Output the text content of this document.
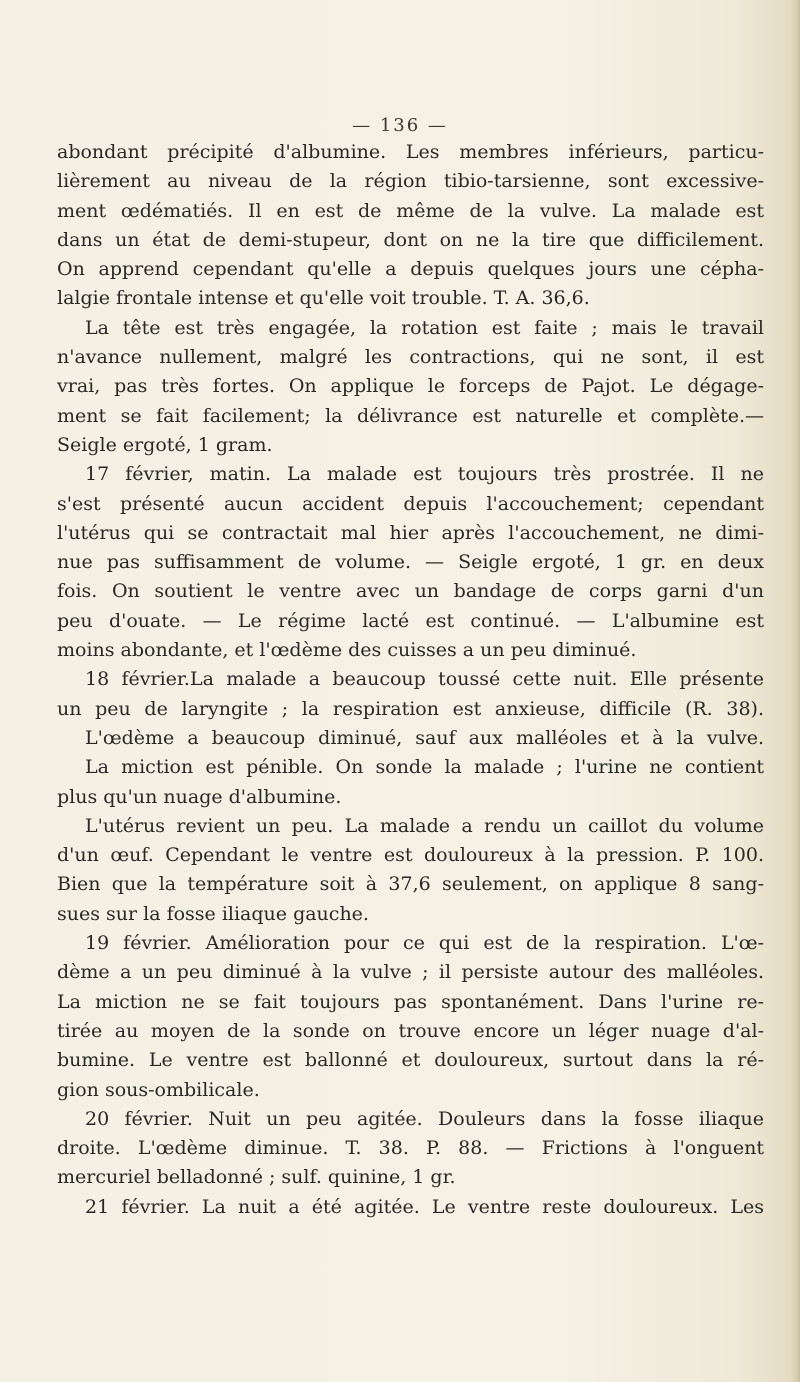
— 136 —
abondant précipité d'albumine. Les membres inférieurs, particu-
lièrement au niveau de la région tibio-tarsienne, sont excessive-
ment œdématiés. Il en est de même de la vulve. La malade est
dans un état de demi-stupeur, dont on ne la tire que difficilement.
On apprend cependant qu'elle a depuis quelques jours une cépha-
lalgie frontale intense et qu'elle voit trouble. T. A. 36,6.
La tête est très engagée, la rotation est faite ; mais le travail
n'avance nullement, malgré les contractions, qui ne sont, il est
vrai, pas très fortes. On applique le forceps de Pajot. Le dégage-
ment se fait facilement; la délivrance est naturelle et complète.—
Seigle ergoté, 1 gram.
17 février, matin. La malade est toujours très prostrée. Il ne
s'est présenté aucun accident depuis l'accouchement; cependant
l'utérus qui se contractait mal hier après l'accouchement, ne dimi-
nue pas suffisamment de volume. — Seigle ergoté, 1 gr. en deux
fois. On soutient le ventre avec un bandage de corps garni d'un
peu d'ouate. — Le régime lacté est continué. — L'albumine est
moins abondante, et l'œdème des cuisses a un peu diminué.
18 février.La malade a beaucoup toussé cette nuit. Elle présente
un peu de laryngite ; la respiration est anxieuse, difficile (R. 38).
L'œdème a beaucoup diminué, sauf aux malléoles et à la vulve.
La miction est pénible. On sonde la malade ; l'urine ne contient
plus qu'un nuage d'albumine.
L'utérus revient un peu. La malade a rendu un caillot du volume
d'un œuf. Cependant le ventre est douloureux à la pression. P. 100.
Bien que la température soit à 37,6 seulement, on applique 8 sang-
sues sur la fosse iliaque gauche.
19 février. Amélioration pour ce qui est de la respiration. L'œ-
dème a un peu diminué à la vulve ; il persiste autour des malléoles.
La miction ne se fait toujours pas spontanément. Dans l'urine re-
tirée au moyen de la sonde on trouve encore un léger nuage d'al-
bumine. Le ventre est ballonné et douloureux, surtout dans la ré-
gion sous-ombilicale.
20 février. Nuit un peu agitée. Douleurs dans la fosse iliaque
droite. L'œdème diminue. T. 38. P. 88. — Frictions à l'onguent
mercuriel belladonné ; sulf. quinine, 1 gr.
21 février. La nuit a été agitée. Le ventre reste douloureux. Les
